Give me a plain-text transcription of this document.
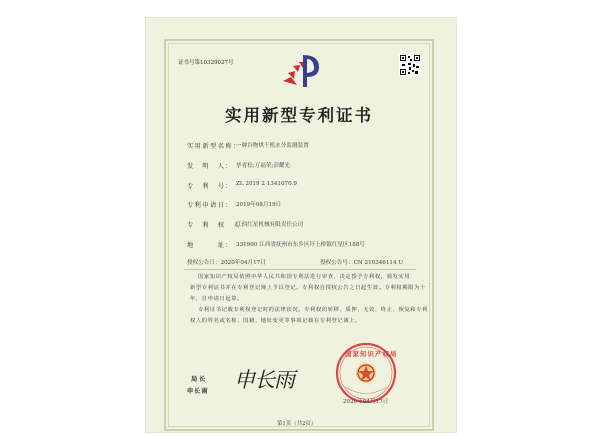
证书号第10329027号
实用新型专利证书
实用新型名称：
一种谷物烘干机水分监测装置
发　明　人： 毕青松;万福荣;彭耀光
专　利　号： ZL 2019 2 1341070.9
专利申请日： 2019年08月19日
专　利　权　人：
江西红星机械有限责任公司
地　　　址： 331900 江西省抚州市东乡区圩上桥镇红星区188号
授权公告日：2020年04月17日	授权公告号：CN 210346114 U
国家知识产权局依照中华人民共和国专利法进行审查，决定授予专利权，颁发实用
新型专利证书并在专利登记簿上予以登记。专利权自授权公告之日起生效。专利权期限为十
年，自申请日起算。
专利证书记载专利权登记时的法律状况。专利权的转移、质押、无效、终止、恢复和专利
权人的姓名或名称、国籍、地址变更等事项记载在专利登记簿上。
局长
申长雨 申长雨
国家知识产权局
2020年04月17日
第1页（共2页）
